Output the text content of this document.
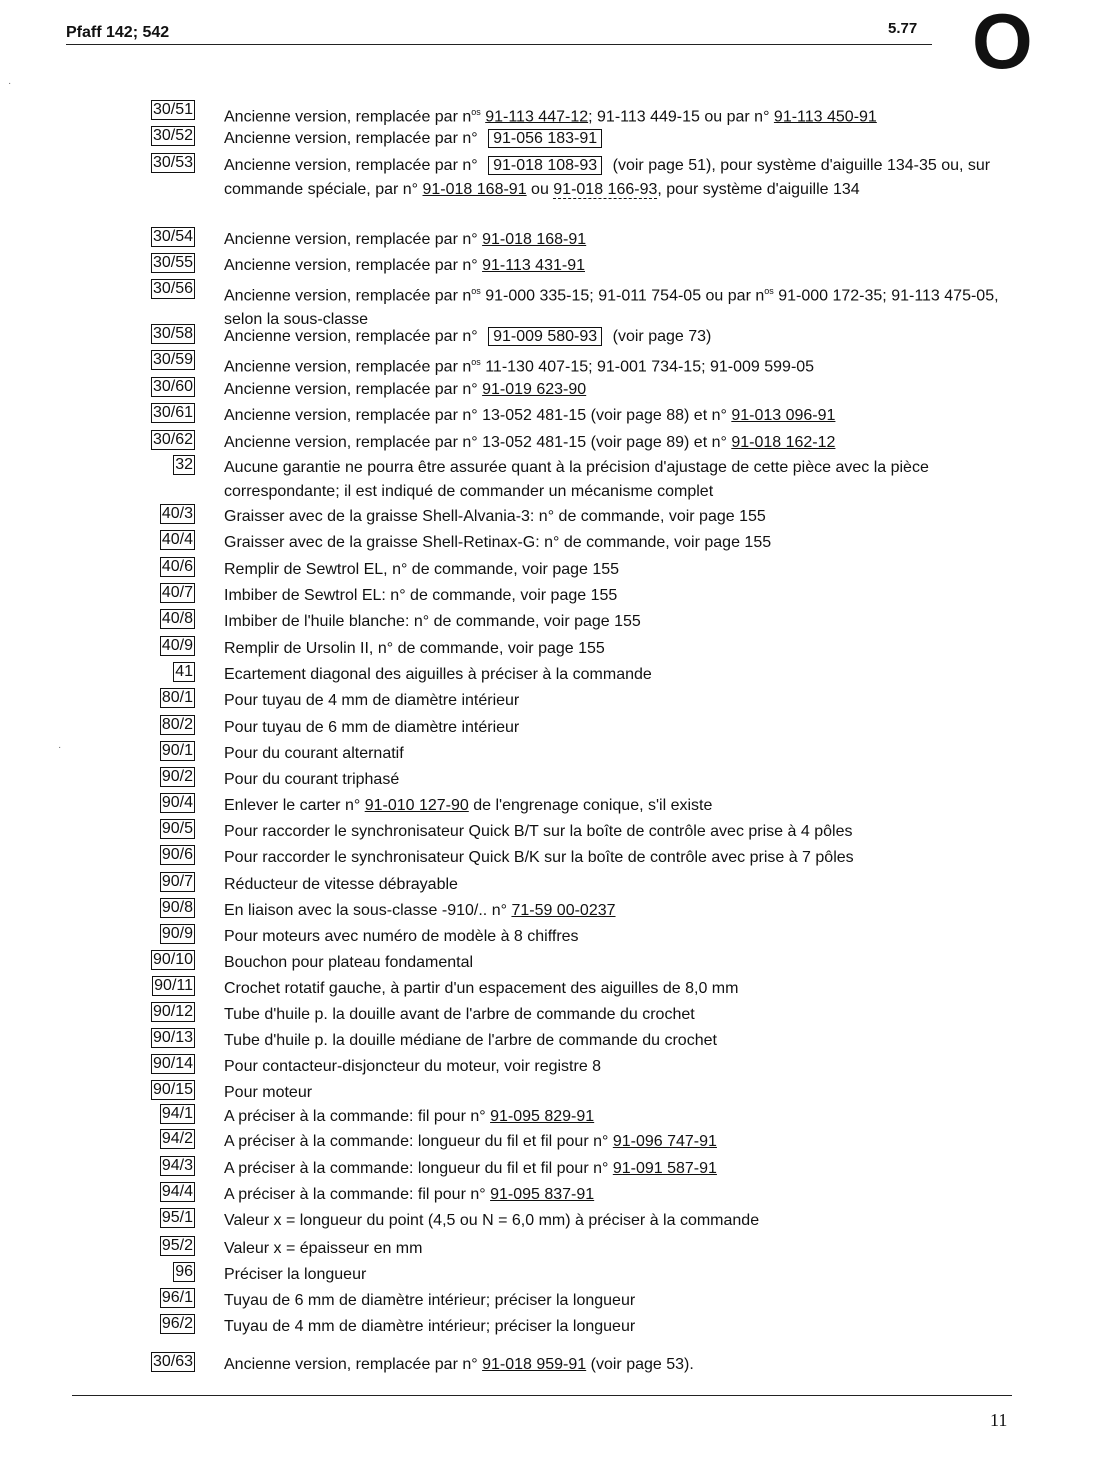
Pfaff 142; 542	5.77 O
·
·
30/51 Ancienne version, remplacée par $n^{os}$ 91-113 447-12; 91-113 449-15 ou par n° 91-113 450-91
30/52 Ancienne version, remplacée par n° 91-056 183-91
30/53 Ancienne version, remplacée par n° 91-018 108-93 (voir page 51), pour système d'aiguille 134-35 ou, sur commande spéciale, par n° 91-018 168-91 ou 91-018 166-93, pour système d'aiguille 134
30/54 Ancienne version, remplacée par n° 91-018 168-91
30/55 Ancienne version, remplacée par n° 91-113 431-91
30/56 Ancienne version, remplacée par $n^{os}$ 91-000 335-15; 91-011 754-05 ou par $n^{os}$ 91-000 172-35; 91-113 475-05, selon la sous-classe
30/58 Ancienne version, remplacée par n° 91-009 580-93 (voir page 73)
30/59 Ancienne version, remplacée par $n^{os}$ 11-130 407-15; 91-001 734-15; 91-009 599-05
30/60 Ancienne version, remplacée par n° 91-019 623-90
30/61 Ancienne version, remplacée par n° 13-052 481-15 (voir page 88) et n° 91-013 096-91
30/62 Ancienne version, remplacée par n° 13-052 481-15 (voir page 89) et n° 91-018 162-12
32 Aucune garantie ne pourra être assurée quant à la précision d'ajustage de cette pièce avec la pièce correspondante; il est indiqué de commander un mécanisme complet
40/3 Graisser avec de la graisse Shell-Alvania-3: n° de commande, voir page 155
40/4 Graisser avec de la graisse Shell-Retinax-G: n° de commande, voir page 155
40/6 Remplir de Sewtrol EL, n° de commande, voir page 155
40/7 Imbiber de Sewtrol EL: n° de commande, voir page 155
40/8 Imbiber de l'huile blanche: n° de commande, voir page 155
40/9 Remplir de Ursolin II, n° de commande, voir page 155
41 Ecartement diagonal des aiguilles à préciser à la commande
80/1 Pour tuyau de 4 mm de diamètre intérieur
80/2 Pour tuyau de 6 mm de diamètre intérieur
90/1 Pour du courant alternatif
90/2 Pour du courant triphasé
90/4 Enlever le carter n° 91-010 127-90 de l'engrenage conique, s'il existe
90/5 Pour raccorder le synchronisateur Quick B/T sur la boîte de contrôle avec prise à 4 pôles
90/6 Pour raccorder le synchronisateur Quick B/K sur la boîte de contrôle avec prise à 7 pôles
90/7 Réducteur de vitesse débrayable
90/8 En liaison avec la sous-classe -910/.. n° 71-59 00-0237
90/9 Pour moteurs avec numéro de modèle à 8 chiffres
90/10 Bouchon pour plateau fondamental
90/11 Crochet rotatif gauche, à partir d'un espacement des aiguilles de 8,0 mm
90/12 Tube d'huile p. la douille avant de l'arbre de commande du crochet
90/13 Tube d'huile p. la douille médiane de l'arbre de commande du crochet
90/14 Pour contacteur-disjoncteur du moteur, voir registre 8
90/15 Pour moteur
94/1 A préciser à la commande: fil pour n° 91-095 829-91
94/2 A préciser à la commande: longueur du fil et fil pour n° 91-096 747-91
94/3 A préciser à la commande: longueur du fil et fil pour n° 91-091 587-91
94/4 A préciser à la commande: fil pour n° 91-095 837-91
95/1 Valeur x = longueur du point (4,5 ou N = 6,0 mm) à préciser à la commande
95/2 Valeur x = épaisseur en mm
96 Préciser la longueur
96/1 Tuyau de 6 mm de diamètre intérieur; préciser la longueur
96/2 Tuyau de 4 mm de diamètre intérieur; préciser la longueur
30/63 Ancienne version, remplacée par n° 91-018 959-91 (voir page 53).
11
